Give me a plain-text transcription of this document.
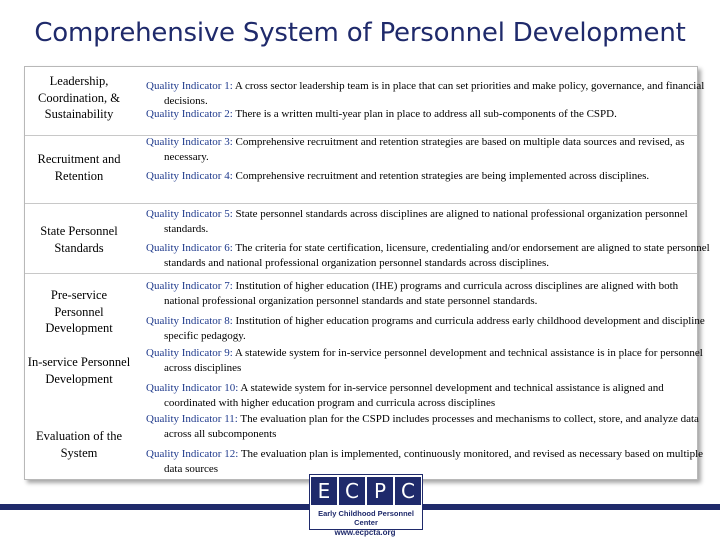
Comprehensive System of Personnel Development
Leadership, Coordination, & Sustainability
Recruitment and Retention
State Personnel Standards
Pre-service Personnel Development
In-service Personnel Development
Evaluation of the System
Quality Indicator 1: A cross sector leadership team is in place that can set priorities and make policy, governance, and financial decisions.
Quality Indicator 2: There is a written multi-year plan in place to address all sub-components of the CSPD.
Quality Indicator 3: Comprehensive recruitment and retention strategies are based on multiple data sources and revised, as necessary.
Quality Indicator 4: Comprehensive recruitment and retention strategies are being implemented across disciplines.
Quality Indicator 5: State personnel standards across disciplines are aligned to national professional organization personnel standards.
Quality Indicator 6: The criteria for state certification, licensure, credentialing and/or endorsement are aligned to state personnel standards and national professional organization personnel standards across disciplines.
Quality Indicator 7: Institution of higher education (IHE) programs and curricula across disciplines are aligned with both national professional organization personnel standards and state personnel standards.
Quality Indicator 8: Institution of higher education programs and curricula address early childhood development and discipline specific pedagogy.
Quality Indicator 9: A statewide system for in-service personnel development and technical assistance is in place for personnel across disciplines
Quality Indicator 10: A statewide system for in-service personnel development and technical assistance is aligned and coordinated with higher education program and curricula across disciplines
Quality Indicator 11: The evaluation plan for the CSPD includes processes and mechanisms to collect, store, and analyze data across all subcomponents
Quality Indicator 12: The evaluation plan is implemented, continuously monitored, and revised as necessary based on multiple data sources
E C P C
Early Childhood Personnel Center
www.ecpcta.org
